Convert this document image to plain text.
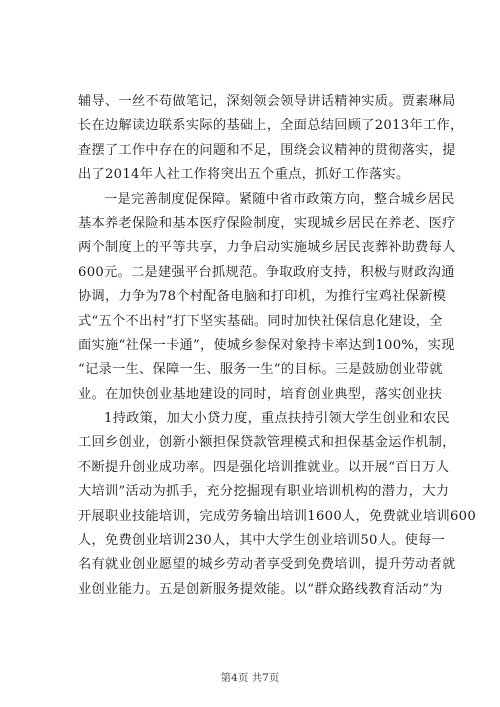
辅导、一丝不苟做笔记，深刻领会领导讲话精神实质。贾素琳局
长在边解读边联系实际的基础上，全面总结回顾了2013年工作，
查摆了工作中存在的问题和不足，围绕会议精神的贯彻落实，提
出了2014年人社工作将突出五个重点，抓好工作落实。
一是完善制度促保障。紧随中省市政策方向，整合城乡居民
基本养老保险和基本医疗保险制度，实现城乡居民在养老、医疗
两个制度上的平等共享，力争启动实施城乡居民丧葬补助费每人
600元。二是建强平台抓规范。争取政府支持，积极与财政沟通
协调，力争为78个村配备电脑和打印机，为推行宝鸡社保新模
式“五个不出村”打下坚实基础。同时加快社保信息化建设，全
面实施“社保一卡通”，使城乡参保对象持卡率达到100%，实现
“记录一生、保障一生、服务一生”的目标。三是鼓励创业带就
业。在加快创业基地建设的同时，培育创业典型，落实创业扶
1持政策，加大小贷力度，重点扶持引领大学生创业和农民
工回乡创业，创新小额担保贷款管理模式和担保基金运作机制，
不断提升创业成功率。四是强化培训推就业。以开展“百日万人
大培训”活动为抓手，充分挖掘现有职业培训机构的潜力，大力
开展职业技能培训，完成劳务输出培训1600人，免费就业培训600
人，免费创业培训230人，其中大学生创业培训50人。使每一
名有就业创业愿望的城乡劳动者享受到免费培训，提升劳动者就
业创业能力。五是创新服务提效能。以“群众路线教育活动”为
第4页 共7页
